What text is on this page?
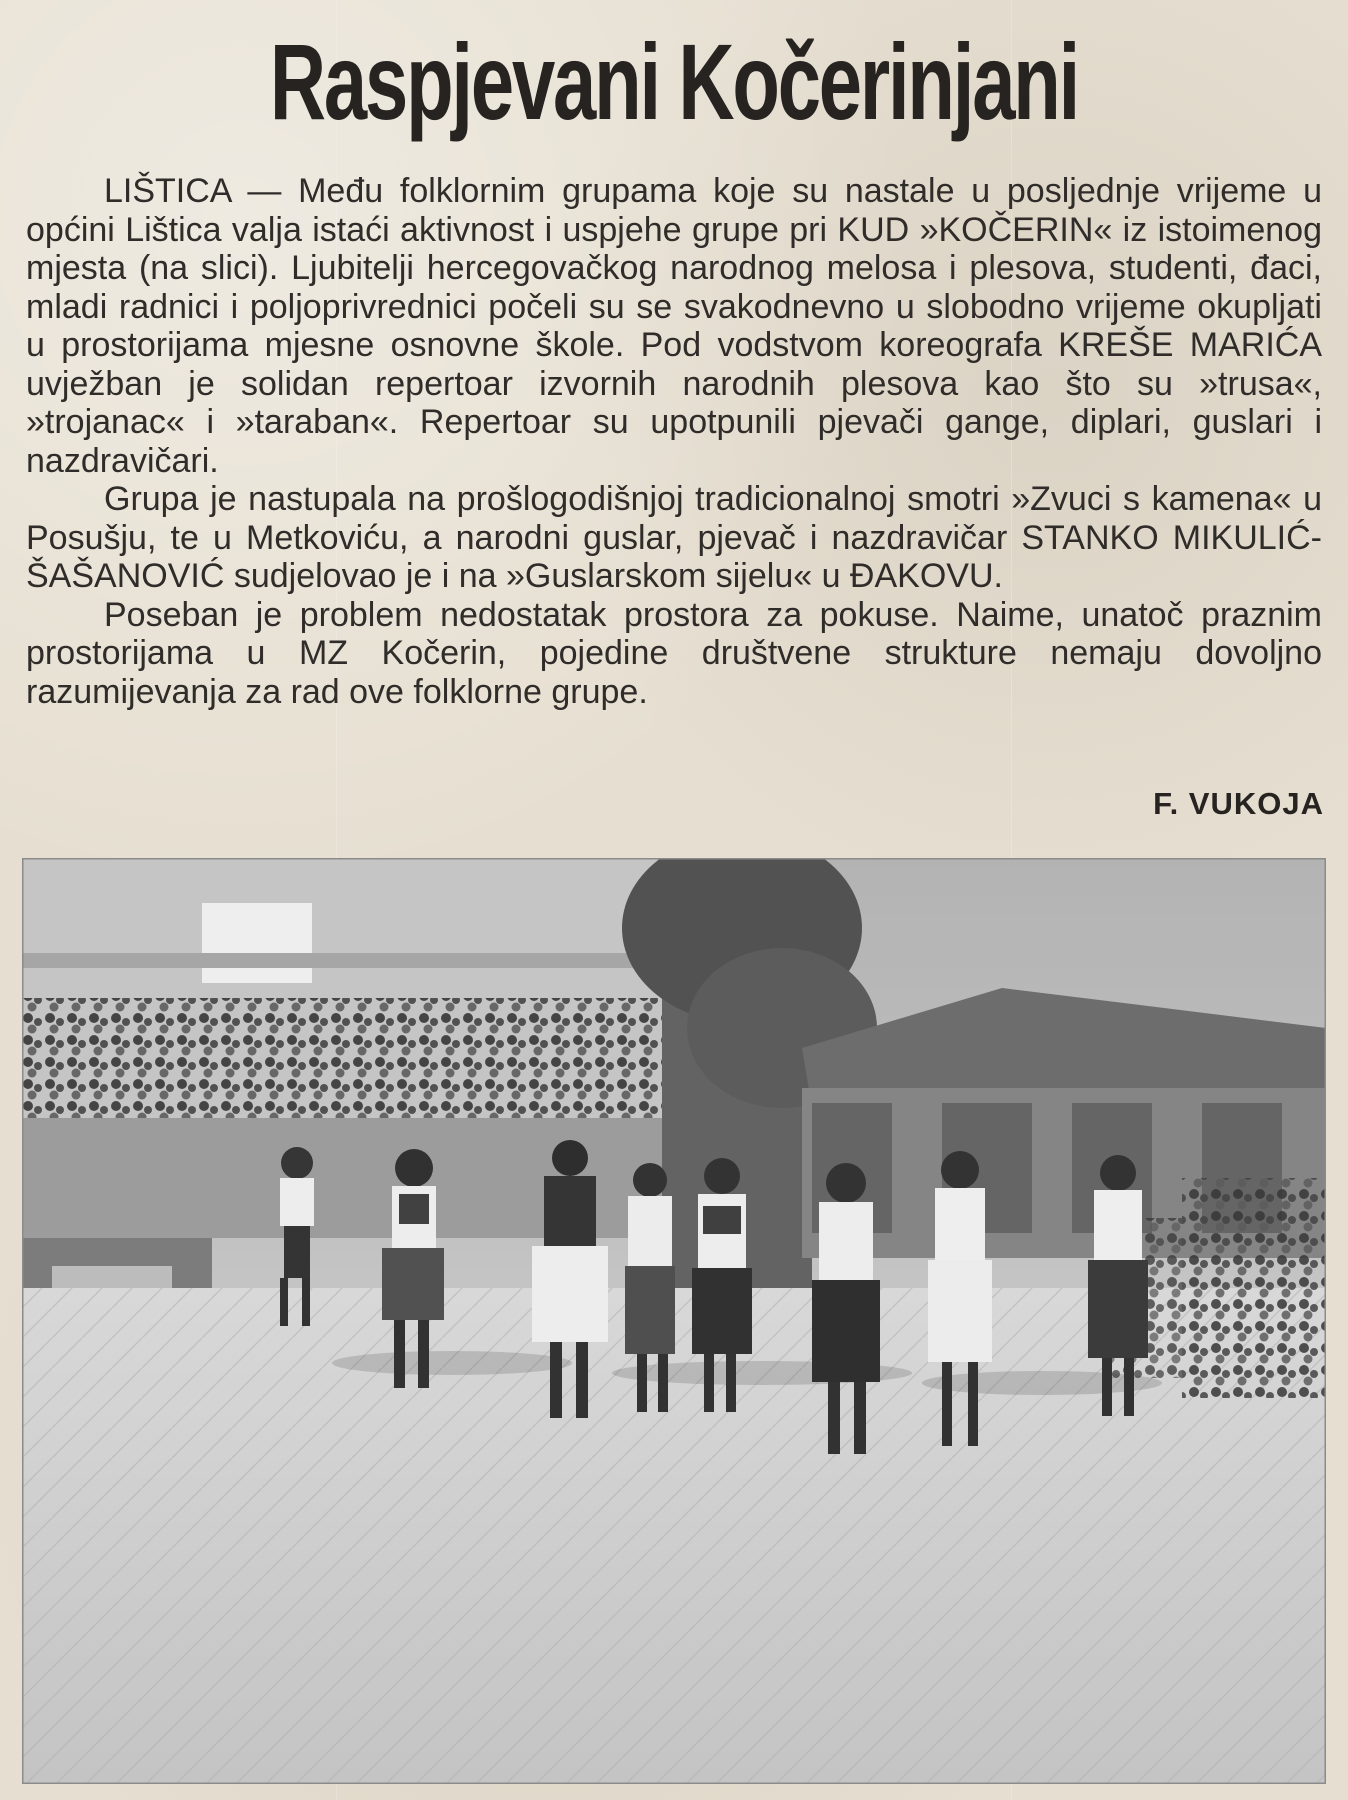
Raspjevani Kočerinjani

LIŠTICA — Među folklornim grupama koje su nastale u posljednje vrijeme u općini Lištica valja istaći aktivnost i uspjehe grupe pri KUD »KOČERIN« iz istoimenog mjesta (na slici). Ljubitelji hercegovačkog narodnog melosa i plesova, studenti, đaci, mladi radnici i poljoprivrednici počeli su se svakodnevno u slobodno vrijeme okupljati u prostorijama mjesne osnovne škole. Pod vodstvom koreografa KREŠE MARIĆA uvježban je solidan repertoar izvornih narodnih plesova kao što su »trusa«, »trojanac« i »taraban«. Repertoar su upotpunili pjevači gange, diplari, guslari i nazdravičari.

Grupa je nastupala na prošlogodišnjoj tradicionalnoj smotri »Zvuci s kamena« u Posušju, te u Metkoviću, a narodni guslar, pjevač i nazdravičar STANKO MIKULIĆ-ŠAŠANOVIĆ sudjelovao je i na »Guslarskom sijelu« u ĐAKOVU.

Poseban je problem nedostatak prostora za pokuse. Naime, unatoč praznim prostorijama u MZ Kočerin, pojedine društvene strukture nemaju dovoljno razumijevanja za rad ove folklorne grupe.

F. VUKOJA
